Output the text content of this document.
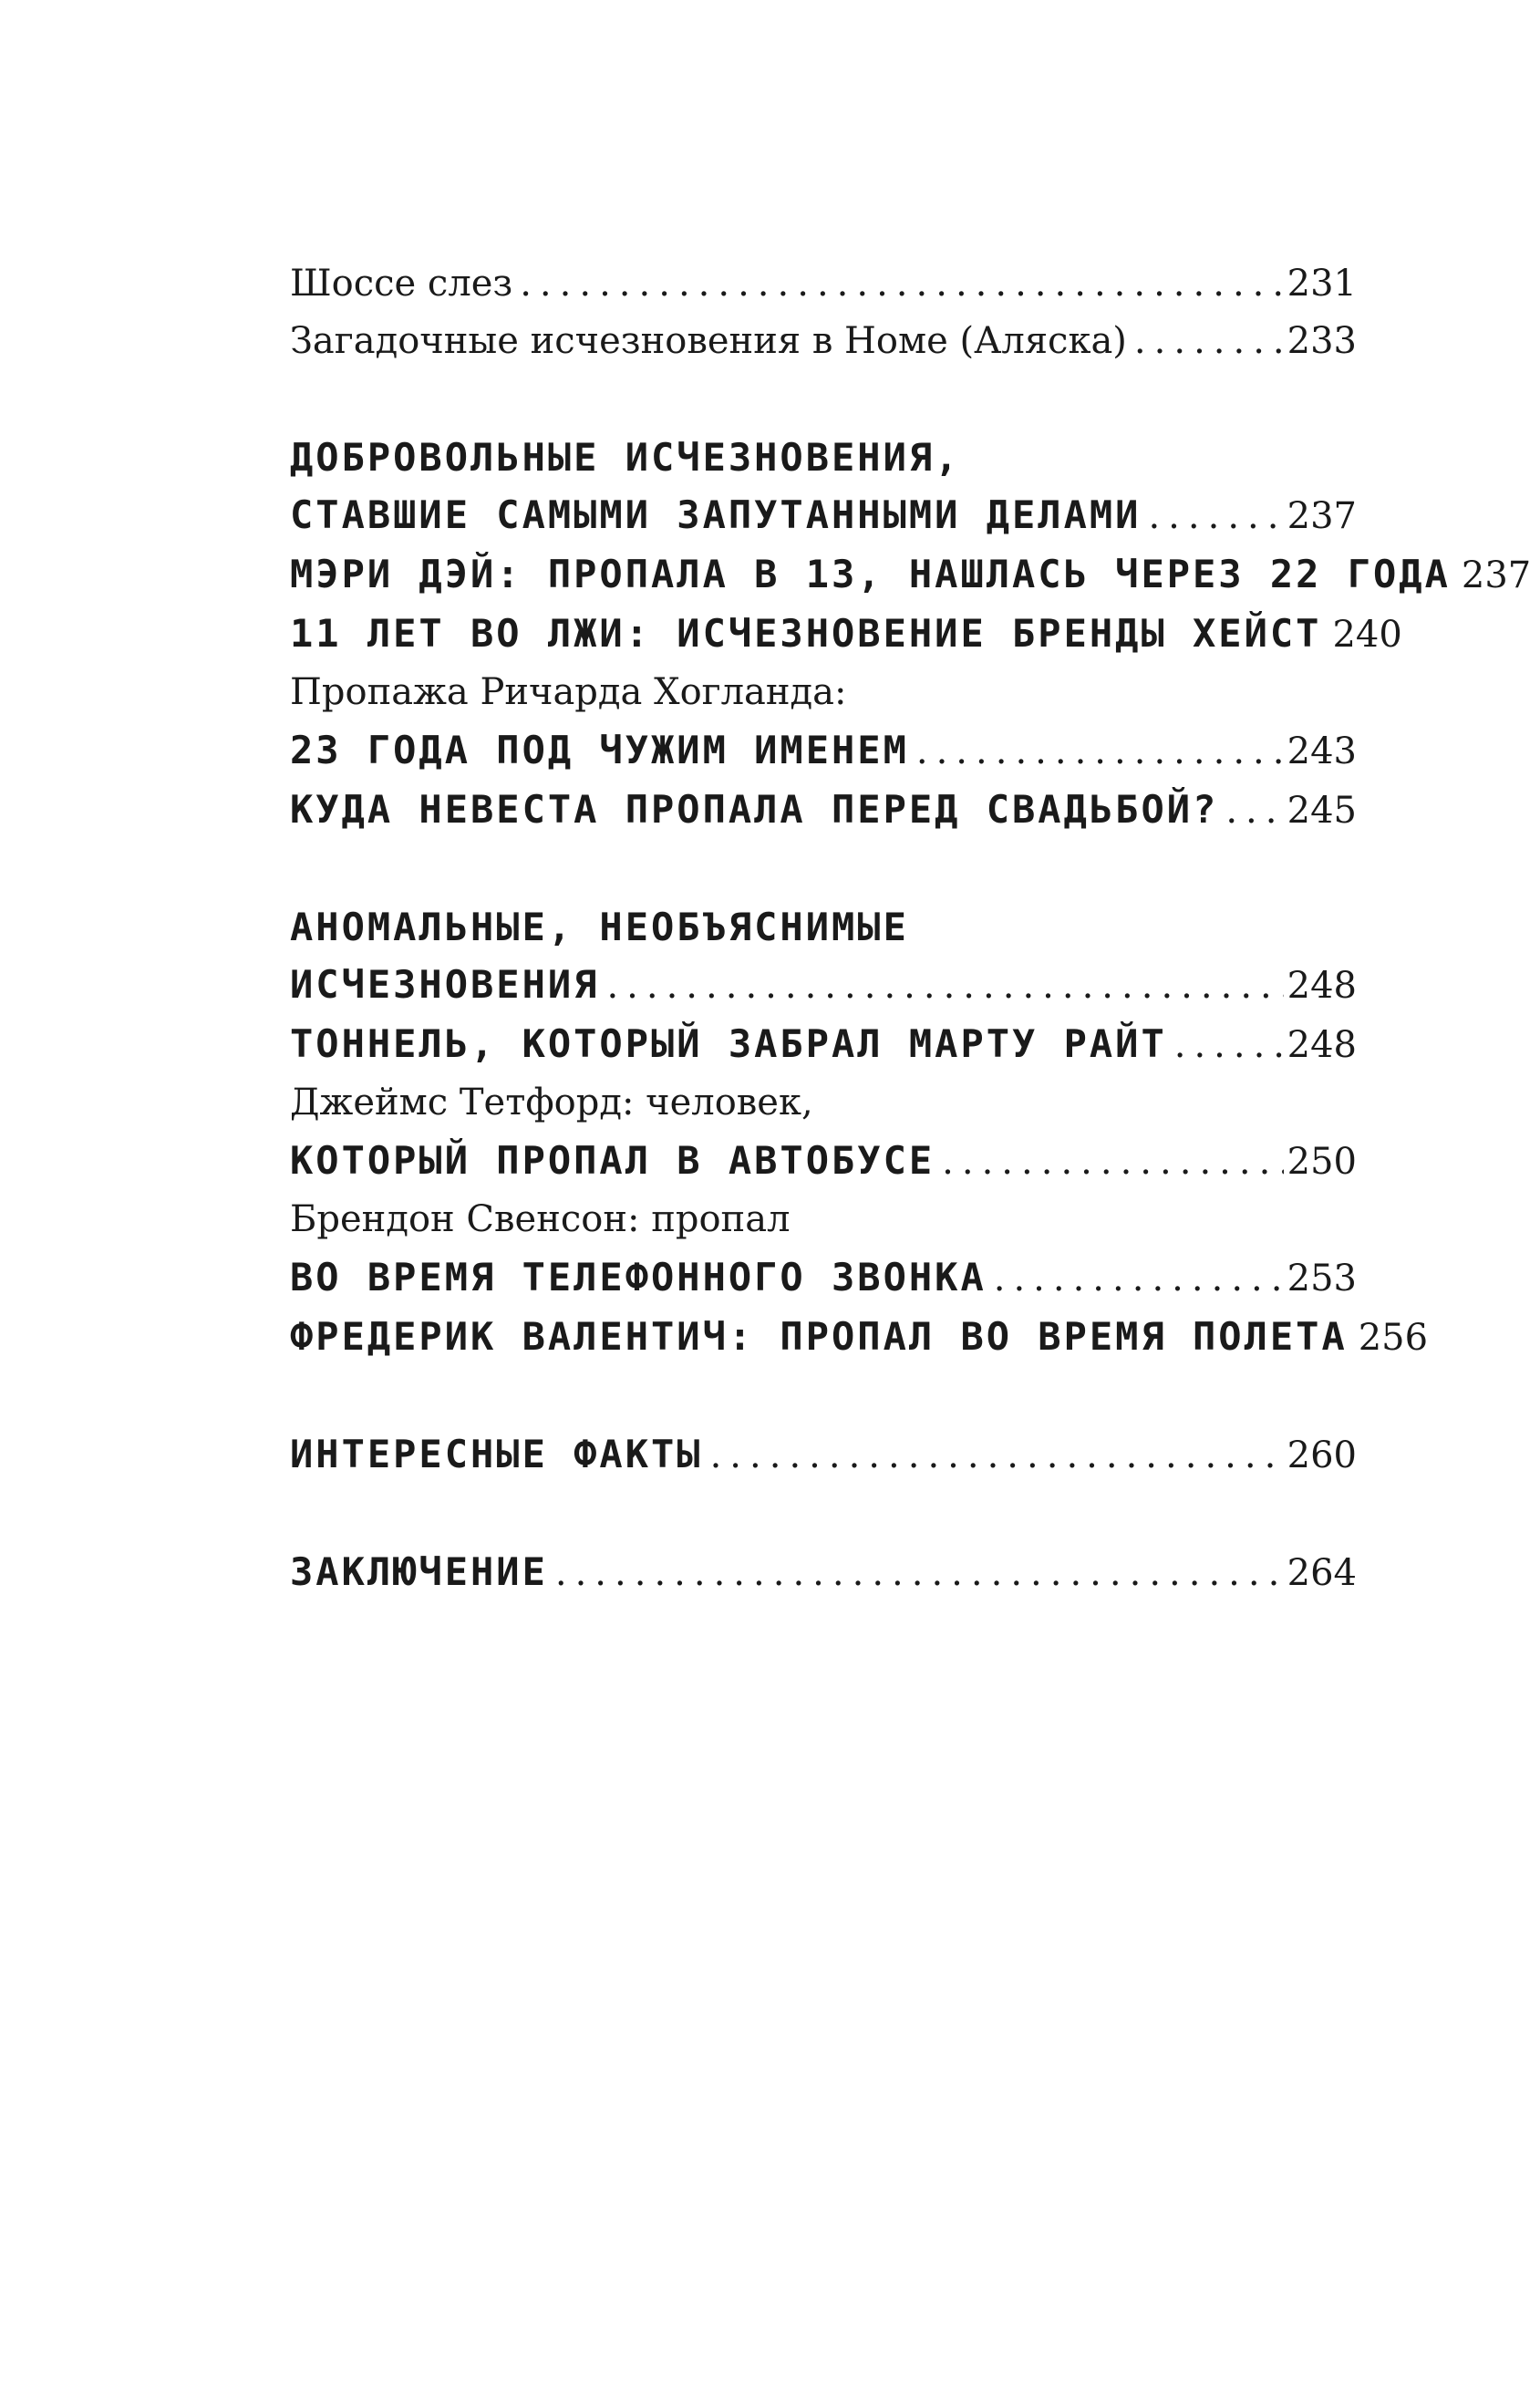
Шоссе слез .....	231
Загадочные исчезновения в Номе (Аляска) .....	233
ДОБРОВОЛЬНЫЕ ИСЧЕЗНОВЕНИЯ,
СТАВШИЕ САМЫМИ ЗАПУТАННЫМИ ДЕЛАМИ .....	237
МЭРИ ДЭЙ: ПРОПАЛА В 13, НАШЛАСЬ ЧЕРЕЗ 22 ГОДА 237
11 ЛЕТ ВО ЛЖИ: ИСЧЕЗНОВЕНИЕ БРЕНДЫ ХЕЙСТ 240
Пропажа Ричарда Хогланда:
23 ГОДА ПОД ЧУЖИМ ИМЕНЕМ .....	243
КУДА НЕВЕСТА ПРОПАЛА ПЕРЕД СВАДЬБОЙ? ..... 245
АНОМАЛЬНЫЕ, НЕОБЪЯСНИМЫЕ
ИСЧЕЗНОВЕНИЯ .....	248
ТОННЕЛЬ, КОТОРЫЙ ЗАБРАЛ МАРТУ РАЙТ .....	248
Джеймс Тетфорд: человек,
КОТОРЫЙ ПРОПАЛ В АВТОБУСЕ .....	250
Брендон Свенсон: пропал
ВО ВРЕМЯ ТЕЛЕФОННОГО ЗВОНКА .....	253
ФРЕДЕРИК ВАЛЕНТИЧ: ПРОПАЛ ВО ВРЕМЯ ПОЛЕТА 256
ИНТЕРЕСНЫЕ ФАКТЫ .....	260
ЗАКЛЮЧЕНИЕ .....	264
